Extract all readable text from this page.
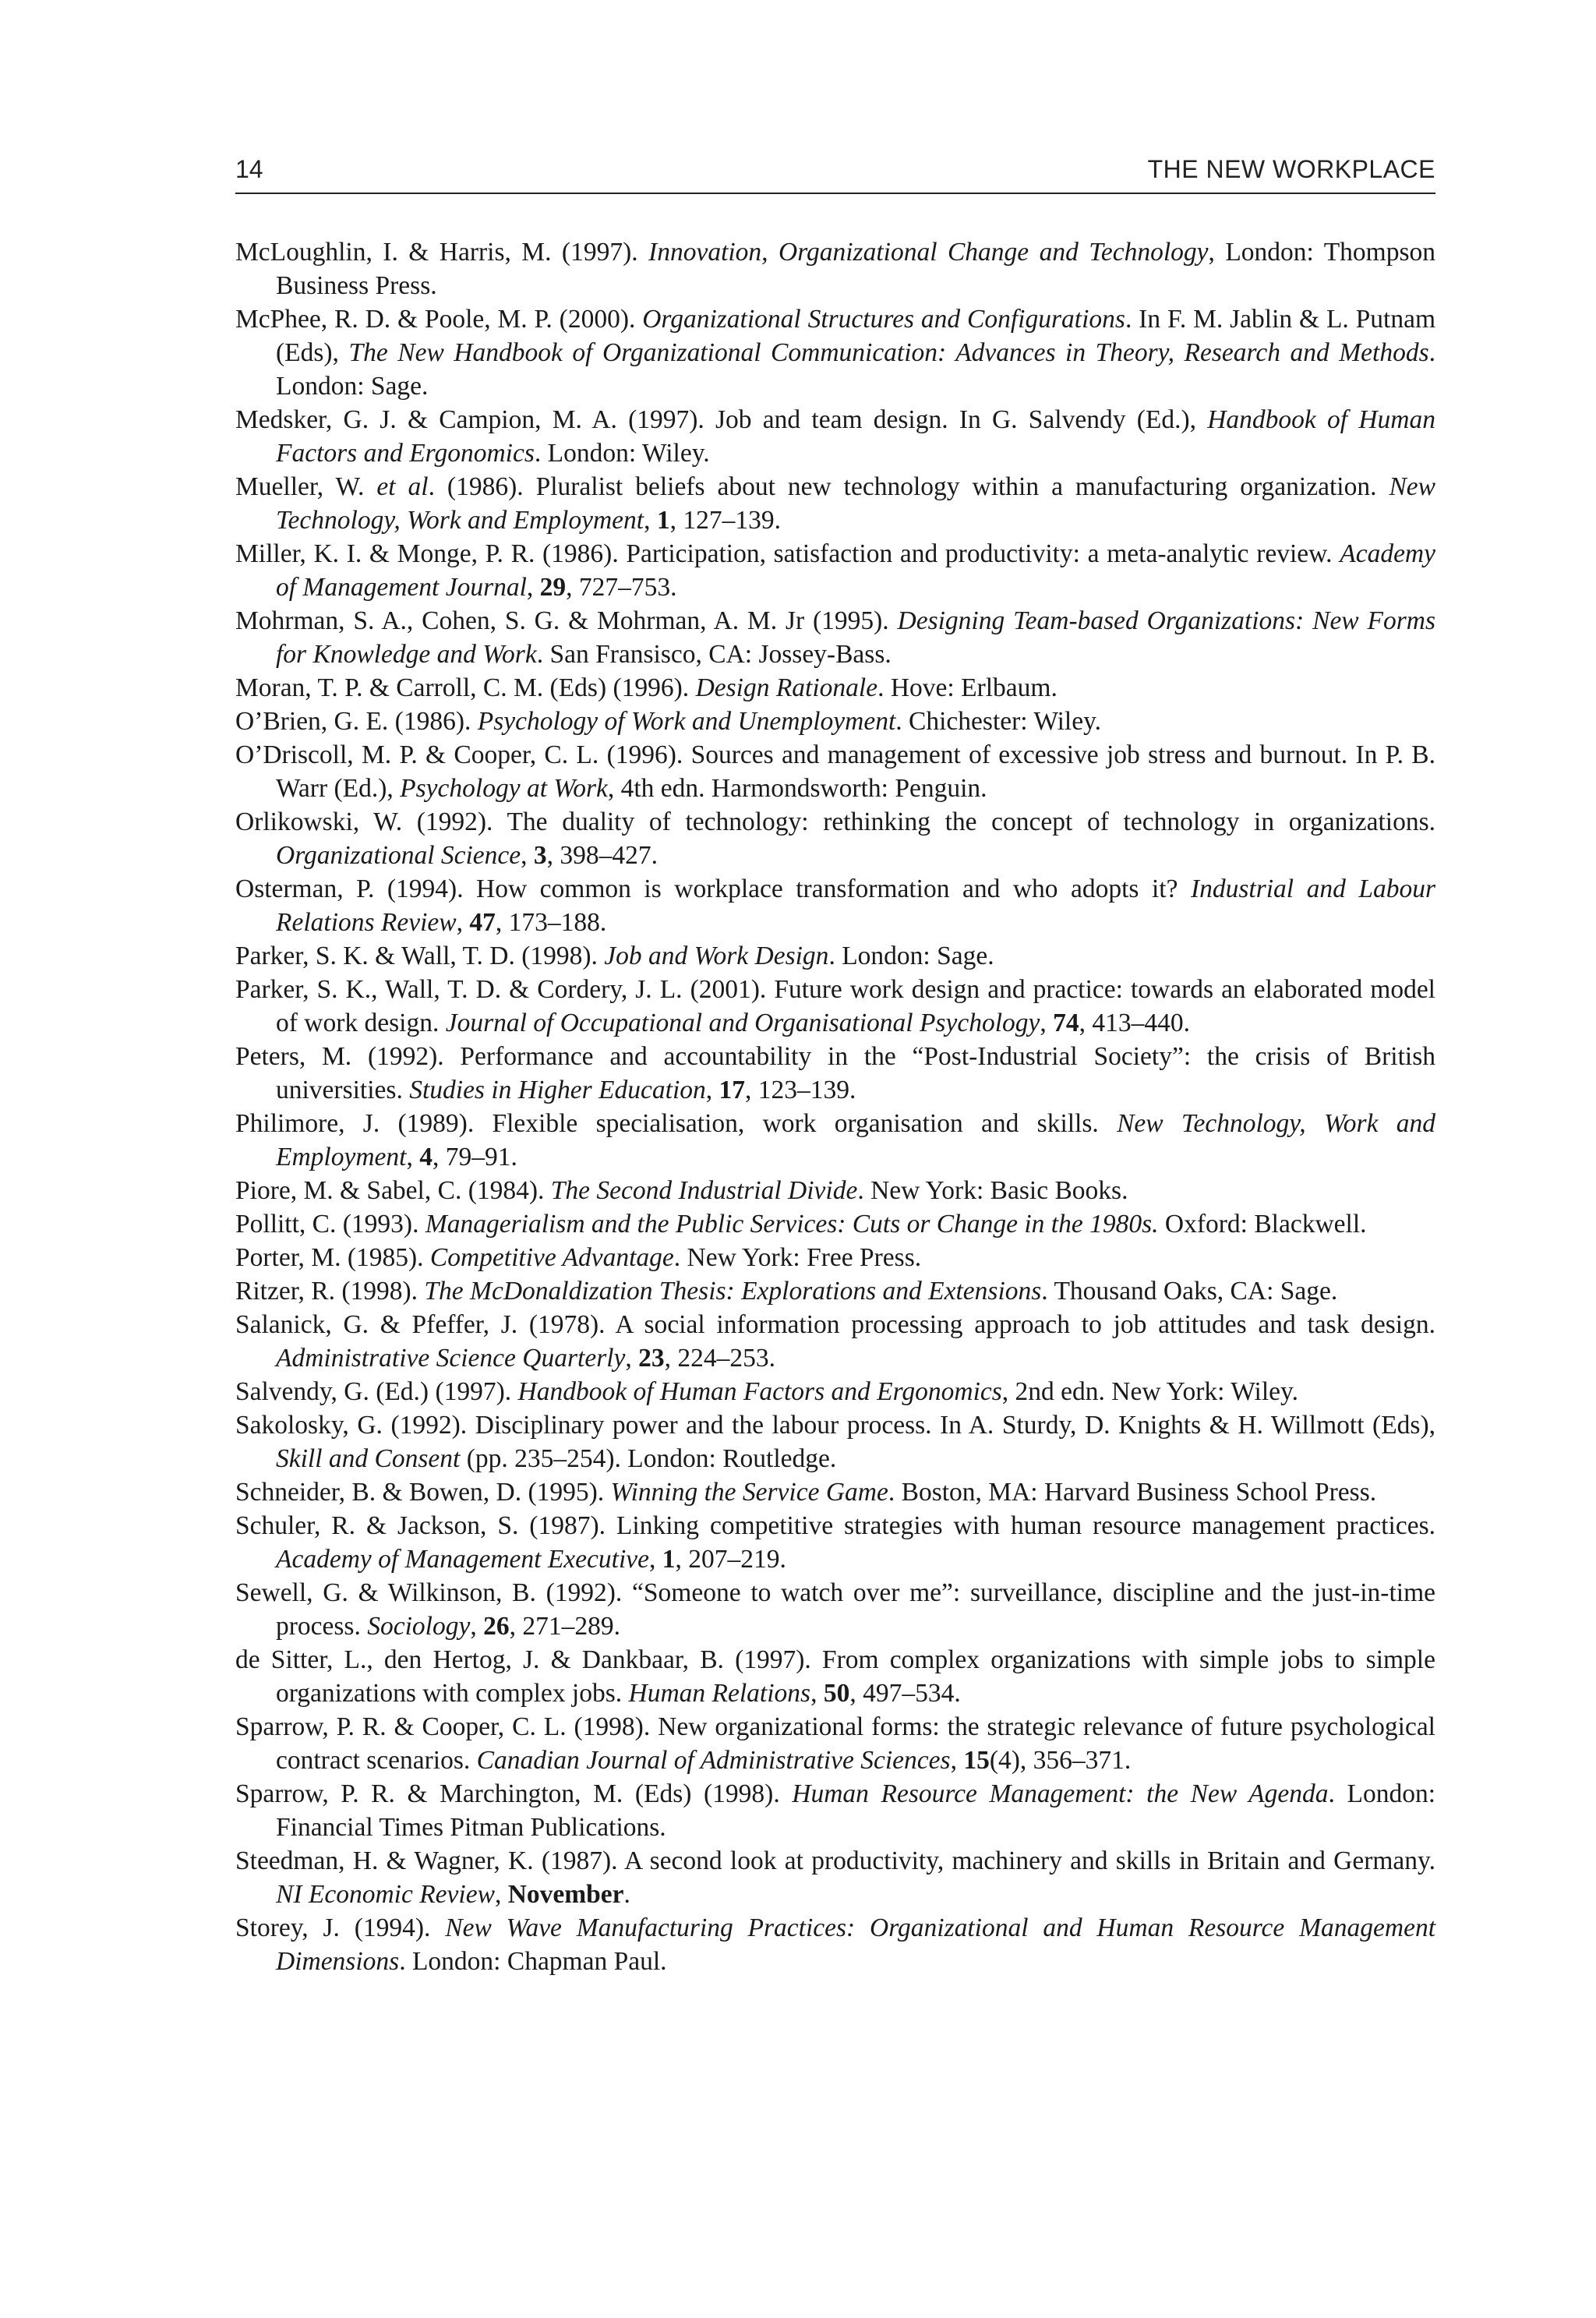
14	THE NEW WORKPLACE

McLoughlin, I. & Harris, M. (1997). Innovation, Organizational Change and Technology, London: Thompson Business Press.

McPhee, R. D. & Poole, M. P. (2000). Organizational Structures and Configurations. In F. M. Jablin & L. Putnam (Eds), The New Handbook of Organizational Communication: Advances in Theory, Research and Methods. London: Sage.

Medsker, G. J. & Campion, M. A. (1997). Job and team design. In G. Salvendy (Ed.), Handbook of Human Factors and Ergonomics. London: Wiley.

Mueller, W. et al. (1986). Pluralist beliefs about new technology within a manufacturing organization. New Technology, Work and Employment, 1, 127–139.

Miller, K. I. & Monge, P. R. (1986). Participation, satisfaction and productivity: a meta-analytic review. Academy of Management Journal, 29, 727–753.

Mohrman, S. A., Cohen, S. G. & Mohrman, A. M. Jr (1995). Designing Team-based Organizations: New Forms for Knowledge and Work. San Fransisco, CA: Jossey-Bass.

Moran, T. P. & Carroll, C. M. (Eds) (1996). Design Rationale. Hove: Erlbaum.

O’Brien, G. E. (1986). Psychology of Work and Unemployment. Chichester: Wiley.

O’Driscoll, M. P. & Cooper, C. L. (1996). Sources and management of excessive job stress and burnout. In P. B. Warr (Ed.), Psychology at Work, 4th edn. Harmondsworth: Penguin.

Orlikowski, W. (1992). The duality of technology: rethinking the concept of technology in organizations. Organizational Science, 3, 398–427.

Osterman, P. (1994). How common is workplace transformation and who adopts it? Industrial and Labour Relations Review, 47, 173–188.

Parker, S. K. & Wall, T. D. (1998). Job and Work Design. London: Sage.

Parker, S. K., Wall, T. D. & Cordery, J. L. (2001). Future work design and practice: towards an elaborated model of work design. Journal of Occupational and Organisational Psychology, 74, 413–440.

Peters, M. (1992). Performance and accountability in the “Post-Industrial Society”: the crisis of British universities. Studies in Higher Education, 17, 123–139.

Philimore, J. (1989). Flexible specialisation, work organisation and skills. New Technology, Work and Employment, 4, 79–91.

Piore, M. & Sabel, C. (1984). The Second Industrial Divide. New York: Basic Books.

Pollitt, C. (1993). Managerialism and the Public Services: Cuts or Change in the 1980s. Oxford: Blackwell.

Porter, M. (1985). Competitive Advantage. New York: Free Press.

Ritzer, R. (1998). The McDonaldization Thesis: Explorations and Extensions. Thousand Oaks, CA: Sage.

Salanick, G. & Pfeffer, J. (1978). A social information processing approach to job attitudes and task design. Administrative Science Quarterly, 23, 224–253.

Salvendy, G. (Ed.) (1997). Handbook of Human Factors and Ergonomics, 2nd edn. New York: Wiley.

Sakolosky, G. (1992). Disciplinary power and the labour process. In A. Sturdy, D. Knights & H. Willmott (Eds), Skill and Consent (pp. 235–254). London: Routledge.

Schneider, B. & Bowen, D. (1995). Winning the Service Game. Boston, MA: Harvard Business School Press.

Schuler, R. & Jackson, S. (1987). Linking competitive strategies with human resource management practices. Academy of Management Executive, 1, 207–219.

Sewell, G. & Wilkinson, B. (1992). “Someone to watch over me”: surveillance, discipline and the just-in-time process. Sociology, 26, 271–289.

de Sitter, L., den Hertog, J. & Dankbaar, B. (1997). From complex organizations with simple jobs to simple organizations with complex jobs. Human Relations, 50, 497–534.

Sparrow, P. R. & Cooper, C. L. (1998). New organizational forms: the strategic relevance of future psychological contract scenarios. Canadian Journal of Administrative Sciences, 15(4), 356–371.

Sparrow, P. R. & Marchington, M. (Eds) (1998). Human Resource Management: the New Agenda. London: Financial Times Pitman Publications.

Steedman, H. & Wagner, K. (1987). A second look at productivity, machinery and skills in Britain and Germany. NI Economic Review, November.

Storey, J. (1994). New Wave Manufacturing Practices: Organizational and Human Resource Management Dimensions. London: Chapman Paul.
